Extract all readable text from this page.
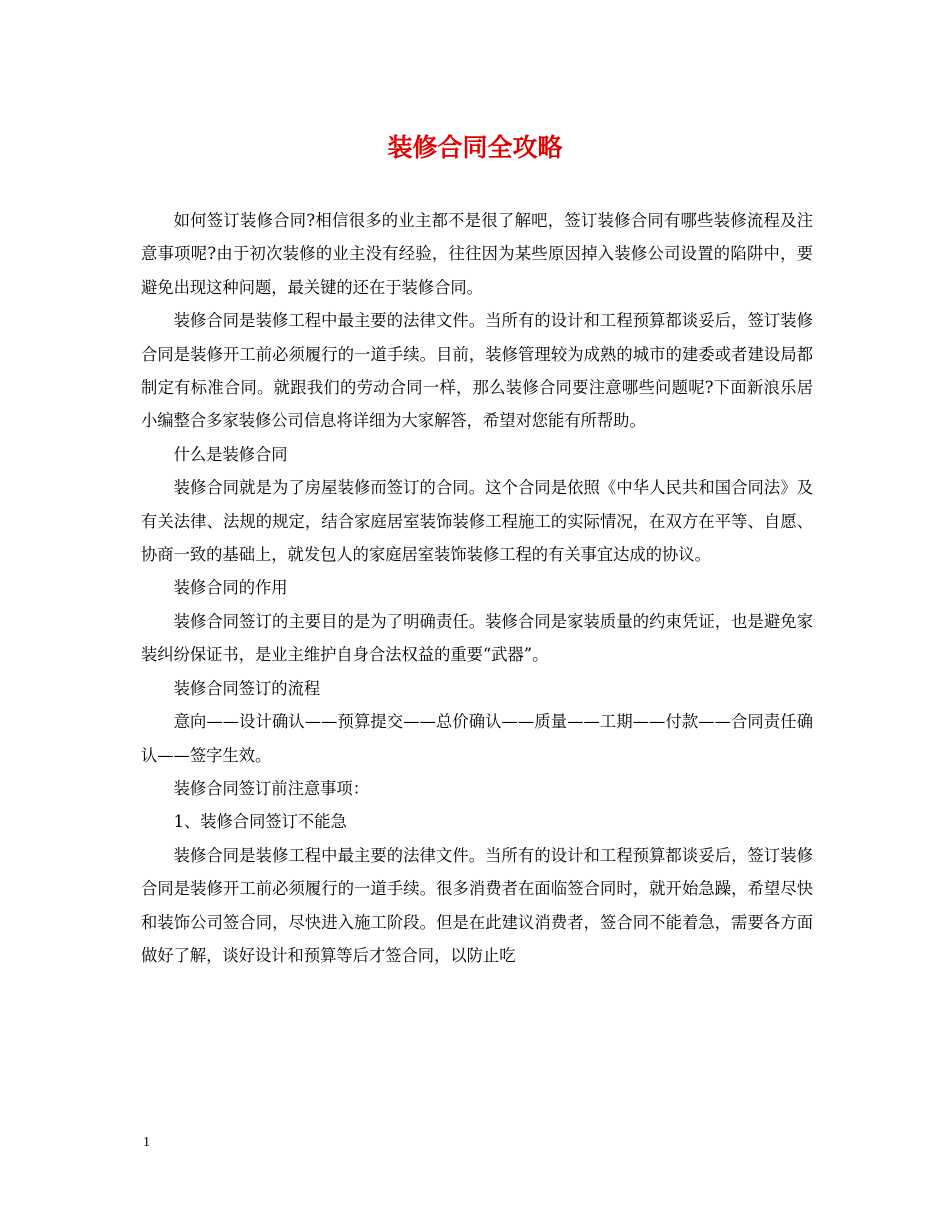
装修合同全攻略

如何签订装修合同?相信很多的业主都不是很了解吧，签订装修合同有哪些装修流程及注意事项呢?由于初次装修的业主没有经验，往往因为某些原因掉入装修公司设置的陷阱中，要避免出现这种问题，最关键的还在于装修合同。

装修合同是装修工程中最主要的法律文件。当所有的设计和工程预算都谈妥后，签订装修合同是装修开工前必须履行的一道手续。目前，装修管理较为成熟的城市的建委或者建设局都制定有标准合同。就跟我们的劳动合同一样，那么装修合同要注意哪些问题呢?下面新浪乐居小编整合多家装修公司信息将详细为大家解答，希望对您能有所帮助。

什么是装修合同

装修合同就是为了房屋装修而签订的合同。这个合同是依照《中华人民共和国合同法》及有关法律、法规的规定，结合家庭居室装饰装修工程施工的实际情况，在双方在平等、自愿、协商一致的基础上，就发包人的家庭居室装饰装修工程的有关事宜达成的协议。

装修合同的作用

装修合同签订的主要目的是为了明确责任。装修合同是家装质量的约束凭证，也是避免家装纠纷保证书，是业主维护自身合法权益的重要“武器”。

装修合同签订的流程

意向——设计确认——预算提交——总价确认——质量——工期——付款——合同责任确认——签字生效。

装修合同签订前注意事项：

1、装修合同签订不能急

装修合同是装修工程中最主要的法律文件。当所有的设计和工程预算都谈妥后，签订装修合同是装修开工前必须履行的一道手续。很多消费者在面临签合同时，就开始急躁，希望尽快和装饰公司签合同，尽快进入施工阶段。但是在此建议消费者，签合同不能着急，需要各方面做好了解，谈好设计和预算等后才签合同，以防止吃

1
